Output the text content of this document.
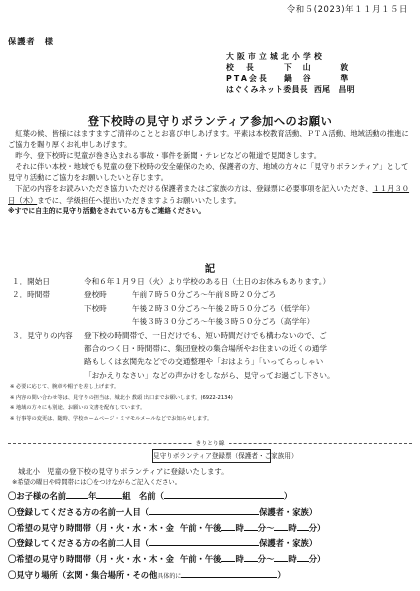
令和５(2023)年１１月１５日
保護者　様
大阪市立城北小学校
校　長	下　山　　　敦
PTA会長	鍋　谷　　　準
はぐくみネット委員長 西尾　昌明
登下校時の見守りボランティア参加へのお願い

紅葉の候、皆様にはますますご清祥のこととお喜び申しあげます。平素は本校教育活動、ＰＴＡ活動、地域活動の推進にご協力を賜り厚くお礼申しあげます。

昨今、登下校時に児童が巻き込まれる事故・事件を新聞・テレビなどの報道で見聞きします。

それに伴い本校・地域でも児童の登下校時の安全確保のため、保護者の方、地域の方々に「見守りボランティア」として見守り活動にご協力をお願いしたいと存じます。

下記の内容をお読みいただき協力いただける保護者またはご家族の方は、登録票に必要事項を記入いただき、１１月３０日（木）までに、学級担任へ提出いただきますようお願いいたします。

※すでに自主的に見守り活動をされている方もご連絡ください。

記
１．開始日	令和６年１月９日（火）より学校のある日（土日のお休みもあります。）
２．時間帯	登校時	午前７時５０分ごろ～午前８時２０分ごろ
下校時	午後２時３０分ごろ～午後２時５０分ごろ（低学年）
午後３時３０分ごろ～午後３時５０分ごろ（高学年）
３．見守りの内容	登下校の時間帯で、一日だけでも、短い時間だけでも構わないので、ご
都合のつく日・時間帯に、集団登校の集合場所やお住まいの近くの通学
路もしくは玄関先などでの交通整理や「おはよう」「いってらっしゃい
「おかえりなさい」などの声かけをしながら、見守ってお過ごし下さい。
※ 必要に応じて、腕章や帽子を差し上げます。
※ 内容の問い合わせ等は、見守りの担当は、城北小 教頭 出口までお願いします。(6922-2134)
※ 地域の方々にも別途、お願いの文書を配布しています。
※ 行事等の変更は、随時、学校ホームページ・ミマモルメールなどでお知らせします。
きりとり線
見守りボランティア登録票（保護者・ご家族用）
城北小　児童の登下校の見守りボランティアに登録いたします。
※希望の曜日や時間帯には〇をつけながらご記入ください。
〇お子様の名前	年	組　名前（	）
〇登録してくださる方の名前一人目（	保護者・家族）
〇希望の見守り時間帯（月・火・水・木・金 午前・午後 時 分～ 時 分）
〇登録してくださる方の名前二人目（	保護者・家族）
〇希望の見守り時間帯（月・火・水・木・金 午前・午後 時 分～ 時 分）
〇見守り場所（玄関・集合場所・その他 具体的に	）
